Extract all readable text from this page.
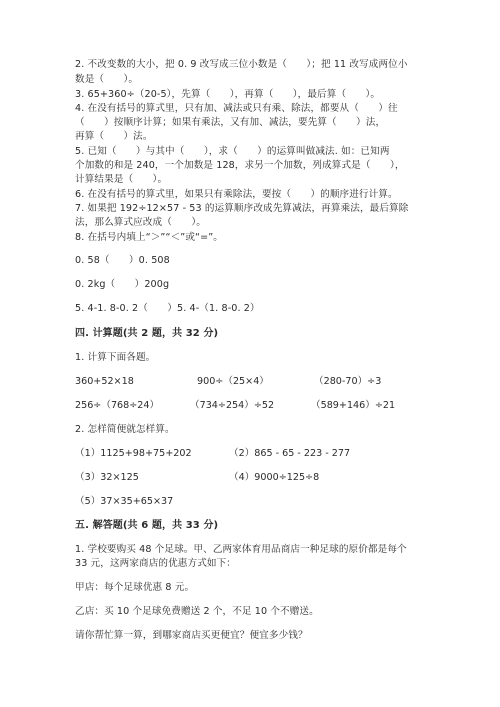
2. 不改变数的大小，把 0. 9 改写成三位小数是（　　）；把 11 改写成两位小
数是（　　）。
3. 65+360÷（20-5），先算（　　），再算（　　），最后算（　　）。
4. 在没有括号的算式里，只有加、减法或只有乘、除法，都要从（　　）往
（　　）按顺序计算；如果有乘法，又有加、减法，要先算（　　）法，
再算（　　）法。
5. 已知（　　）与其中（　　），求（　　）的运算叫做减法. 如：已知两
个加数的和是 240，一个加数是 128，求另一个加数，列成算式是（　　），
计算结果是（　　）。
6. 在没有括号的算式里，如果只有乘除法，要按（　　）的顺序进行计算。
7. 如果把 192÷12×57 - 53 的运算顺序改成先算减法，再算乘法，最后算除
法，那么算式应改成（　　）。
8. 在括号内填上“＞”“＜”或“=”。
0. 58（　　）0. 508
0. 2kg（　　）200g
5. 4-1. 8-0. 2（　　）5. 4-（1. 8-0. 2）
四. 计算题(共 2 题，共 32 分)
1. 计算下面各题。
360+52×18	900÷（25×4）	（280-70）÷3
256÷（768÷24）	（734÷254）÷52	（589+146）÷21
2. 怎样简便就怎样算。
（1）1125+98+75+202	（2）865 - 65 - 223 - 277
（3）32×125	（4）9000÷125÷8
（5）37×35+65×37
五. 解答题(共 6 题，共 33 分)
1. 学校要购买 48 个足球。甲、乙两家体育用品商店一种足球的原价都是每个
33 元，这两家商店的优惠方式如下：
甲店：每个足球优惠 8 元。
乙店：买 10 个足球免费赠送 2 个，不足 10 个不赠送。
请你帮忙算一算，到哪家商店买更便宜？便宜多少钱？
